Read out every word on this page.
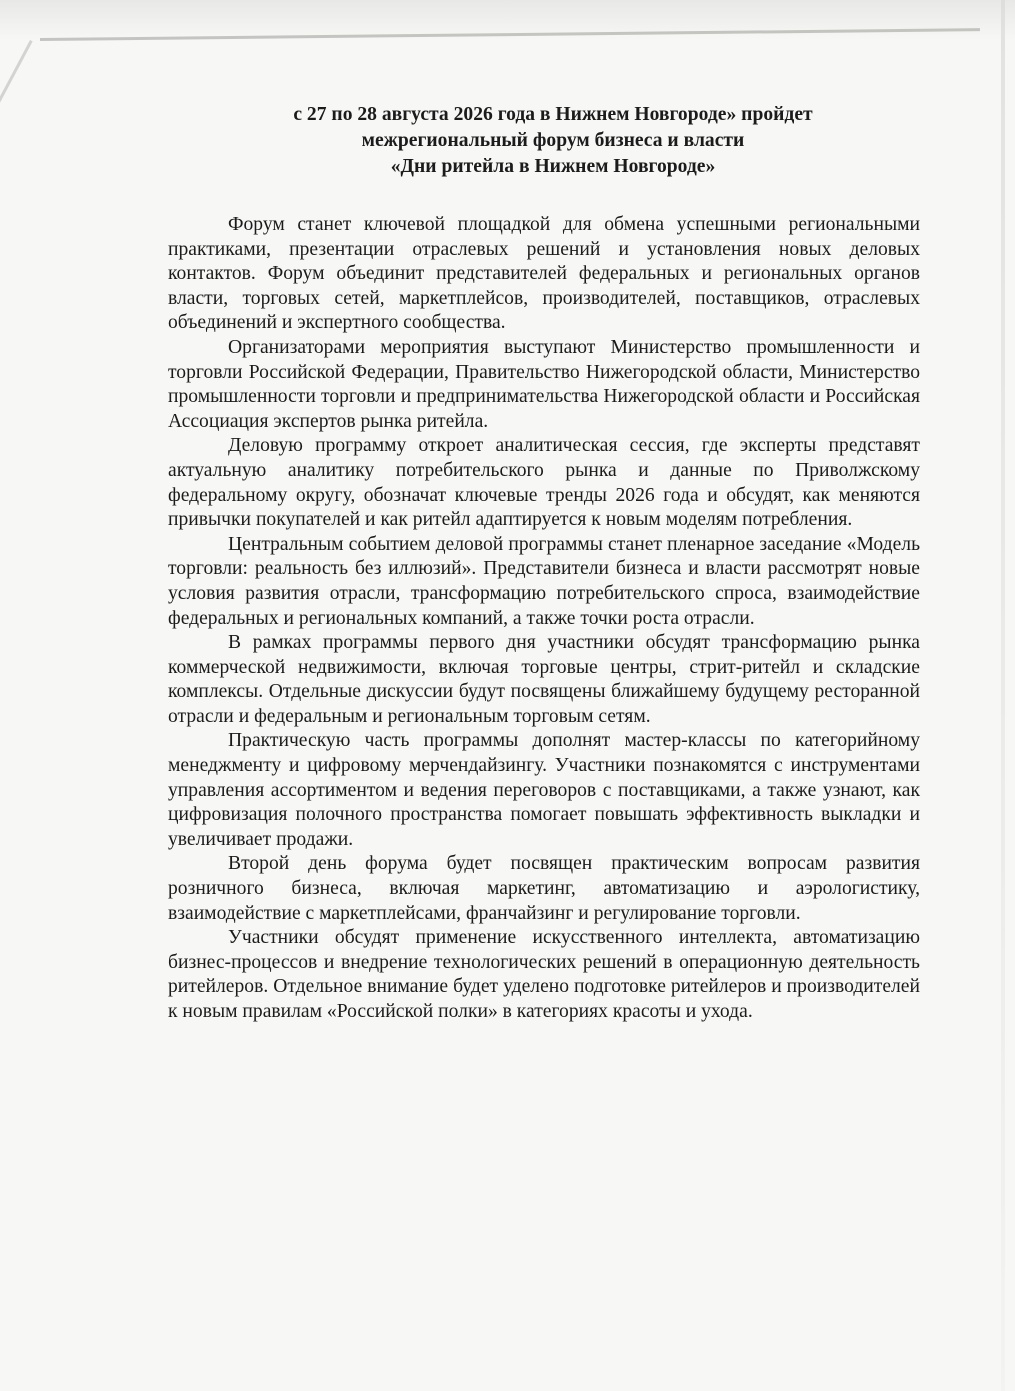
с 27 по 28 августа 2026 года в Нижнем Новгороде» пройдет
межрегиональный форум бизнеса и власти
«Дни ритейла в Нижнем Новгороде»

Форум станет ключевой площадкой для обмена успешными региональными практиками, презентации отраслевых решений и установления новых деловых контактов. Форум объединит представителей федеральных и региональных органов власти, торговых сетей, маркетплейсов, производителей, поставщиков, отраслевых объединений и экспертного сообщества.

Организаторами мероприятия выступают Министерство промышленности и торговли Российской Федерации, Правительство Нижегородской области, Министерство промышленности торговли и предпринимательства Нижегородской области и Российская Ассоциация экспертов рынка ритейла.

Деловую программу откроет аналитическая сессия, где эксперты представят актуальную аналитику потребительского рынка и данные по Приволжскому федеральному округу, обозначат ключевые тренды 2026 года и обсудят, как меняются привычки покупателей и как ритейл адаптируется к новым моделям потребления.

Центральным событием деловой программы станет пленарное заседание «Модель торговли: реальность без иллюзий». Представители бизнеса и власти рассмотрят новые условия развития отрасли, трансформацию потребительского спроса, взаимодействие федеральных и региональных компаний, а также точки роста отрасли.

В рамках программы первого дня участники обсудят трансформацию рынка коммерческой недвижимости, включая торговые центры, стрит-ритейл и складские комплексы. Отдельные дискуссии будут посвящены ближайшему будущему ресторанной отрасли и федеральным и региональным торговым сетям.

Практическую часть программы дополнят мастер-классы по категорийному менеджменту и цифровому мерчендайзингу. Участники познакомятся с инструментами управления ассортиментом и ведения переговоров с поставщиками, а также узнают, как цифровизация полочного пространства помогает повышать эффективность выкладки и увеличивает продажи.

Второй день форума будет посвящен практическим вопросам развития розничного бизнеса, включая маркетинг, автоматизацию и аэрологистику, взаимодействие с маркетплейсами, франчайзинг и регулирование торговли.

Участники обсудят применение искусственного интеллекта, автоматизацию бизнес-процессов и внедрение технологических решений в операционную деятельность ритейлеров. Отдельное внимание будет уделено подготовке ритейлеров и производителей к новым правилам «Российской полки» в категориях красоты и ухода.
